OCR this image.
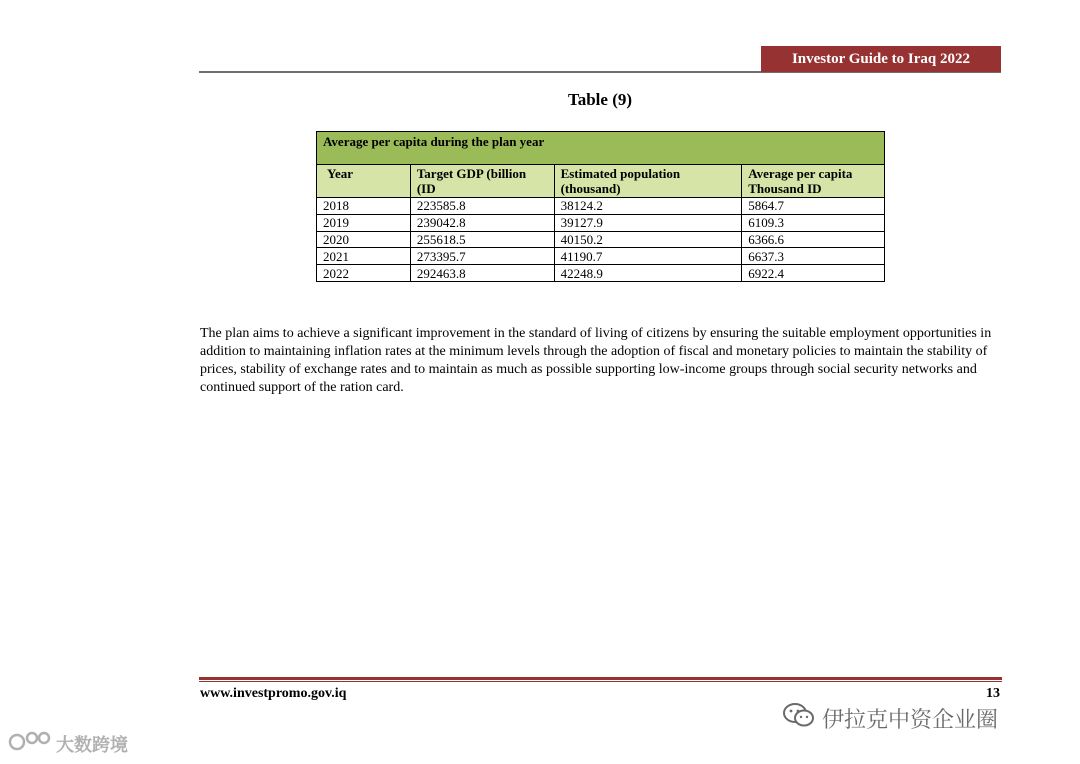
Investor Guide to Iraq 2022
Table (9)
Average per capita during the plan year			
Year	Target GDP (billion (ID	Estimated population (thousand)	Average per capita Thousand ID
2018	223585.8	38124.2	5864.7
2019	239042.8	39127.9	6109.3
2020	255618.5	40150.2	6366.6
2021	273395.7	41190.7	6637.3
2022	292463.8	42248.9	6922.4

The plan aims to achieve a significant improvement in the standard of living of citizens by ensuring the suitable employment opportunities in addition to maintaining inflation rates at the minimum levels through the adoption of fiscal and monetary policies to maintain the stability of prices, stability of exchange rates and to maintain as much as possible supporting low-income groups through social security networks and continued support of the ration card.

www.investpromo.gov.iq	13
伊拉克中资企业圈
大数跨境
